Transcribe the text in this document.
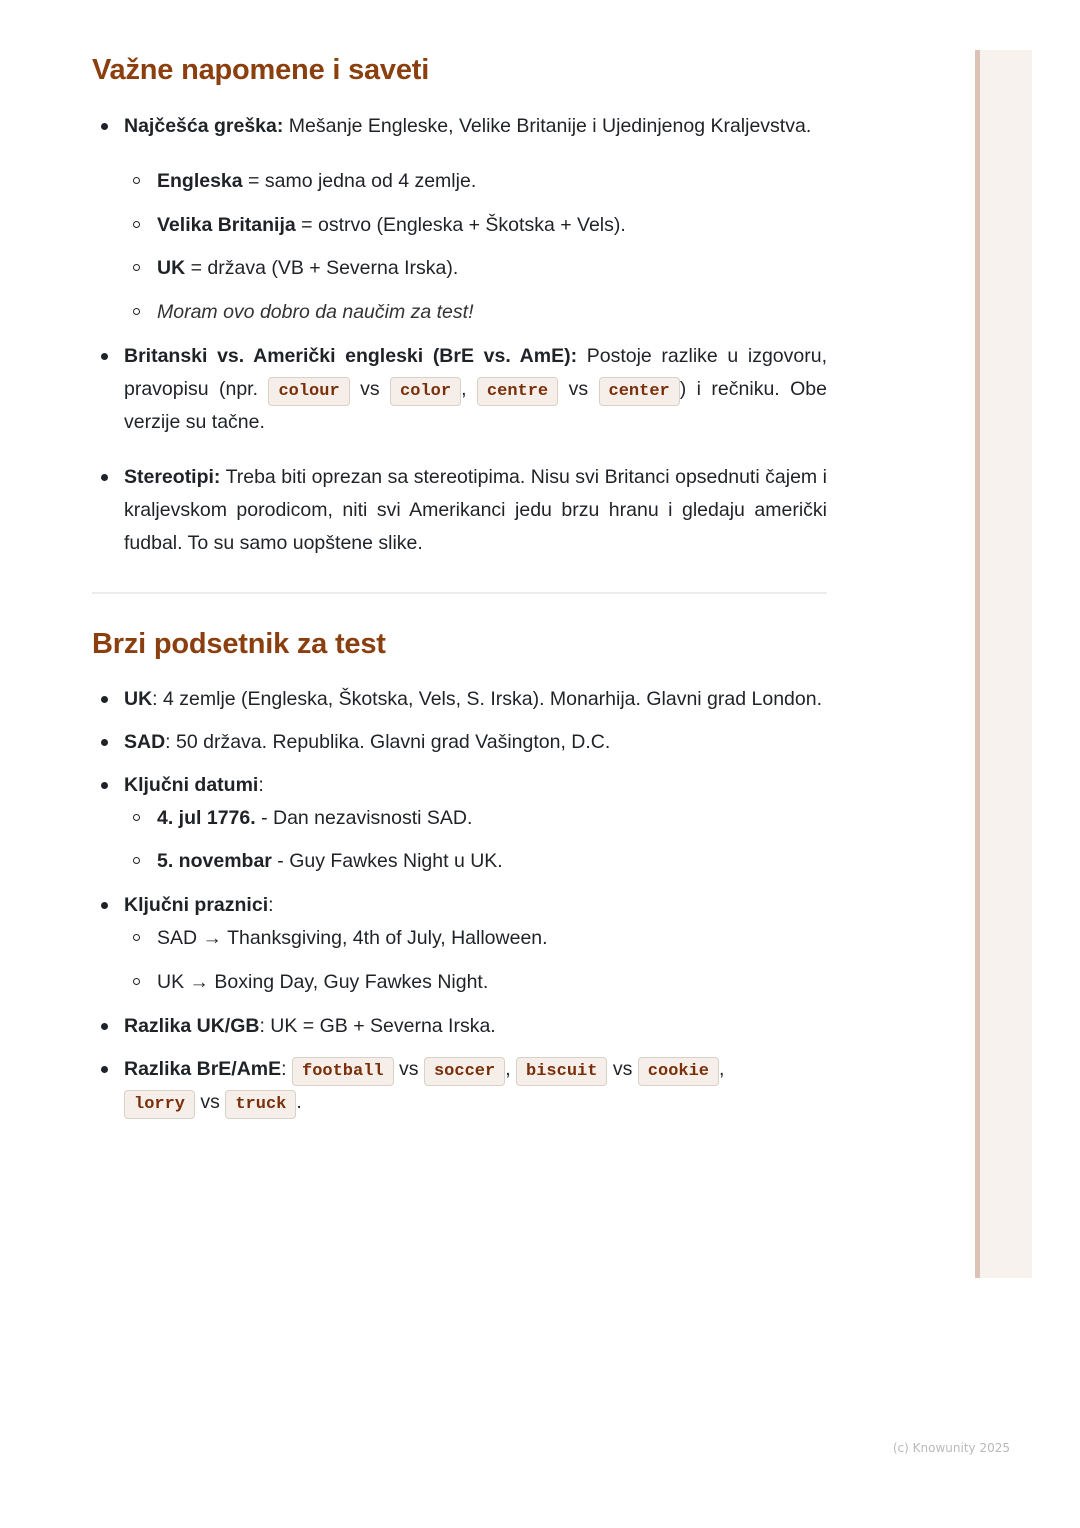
Važne napomene i saveti
Najčešća greška: Mešanje Engleske, Velike Britanije i Ujedinjenog Kraljevstva.
Engleska = samo jedna od 4 zemlje.
Velika Britanija = ostrvo (Engleska + Škotska + Vels).
UK = država (VB + Severna Irska).
Moram ovo dobro da naučim za test!
Britanski vs. Američki engleski (BrE vs. AmE): Postoje razlike u izgovoru, pravopisu (npr. colour vs color , centre vs center ) i rečniku. Obe verzije su tačne.
Stereotipi: Treba biti oprezan sa stereotipima. Nisu svi Britanci opsednuti čajem i kraljevskom porodicom, niti svi Amerikanci jedu brzu hranu i gledaju američki fudbal. To su samo uopštene slike.
Brzi podsetnik za test
UK: 4 zemlje (Engleska, Škotska, Vels, S. Irska). Monarhija. Glavni grad London.
SAD: 50 država. Republika. Glavni grad Vašington, D.C.
Ključni datumi:
4. jul 1776. - Dan nezavisnosti SAD.
5. novembar - Guy Fawkes Night u UK.
Ključni praznici:
SAD → Thanksgiving, 4th of July, Halloween.
UK → Boxing Day, Guy Fawkes Night.
Razlika UK/GB: UK = GB + Severna Irska.
Razlika BrE/AmE: football vs soccer , biscuit vs cookie ,
lorry vs truck .
(c) Knowunity 2025
